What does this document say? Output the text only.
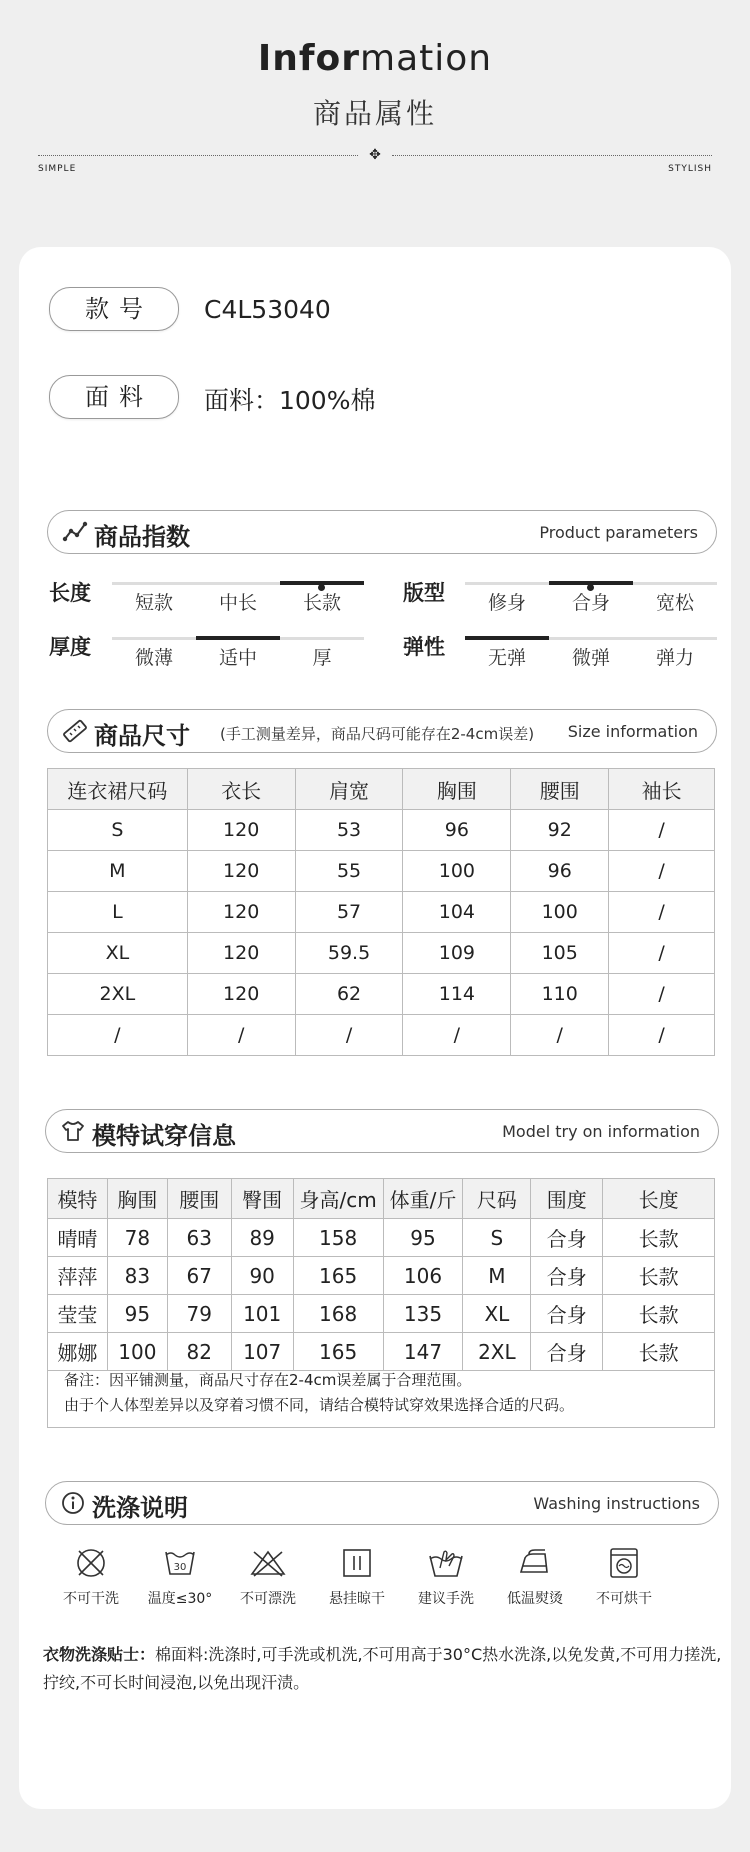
Information
商品属性
✥
SIMPLE	STYLISH
款号	C4L53040
面料	面料：100%棉
商品指数	Product parameters
长度	短款	中长	长款	版型	修身	合身	宽松
厚度	微薄	适中	厚	弹性	无弹	微弹	弹力
商品尺寸 (手工测量差异，商品尺码可能存在2-4cm误差) Size information
连衣裙尺码	衣长	肩宽	胸围	腰围	袖长
S	120	53	96	92	/
M	120	55	100	96	/
L	120	57	104	100	/
XL	120	59.5	109	105	/
2XL	120	62	114	110	/
/	/	/	/	/	/
模特试穿信息	Model try on information
模特	胸围	腰围	臀围	身高/cm	体重/斤	尺码	围度	长度
晴晴	78	63	89	158	95	S	合身	长款
萍萍	83	67	90	165	106	M	合身	长款
莹莹	95	79	101	168	135	XL	合身	长款
娜娜	100	82	107	165	147	2XL	合身	长款
备注：因平铺测量，商品尺寸存在2-4cm误差属于合理范围。
由于个人体型差异以及穿着习惯不同，请结合模特试穿效果选择合适的尺码。
洗涤说明	Washing instructions
不可干洗
30
温度≤30°	不可漂洗	悬挂晾干	建议手洗	低温熨烫	不可烘干
衣物洗涤贴士：棉面料:洗涤时,可手洗或机洗,不可用高于30°C热水洗涤,以免发黄,不可用力搓洗,拧绞,不可长时间浸泡,以免出现汗渍。
